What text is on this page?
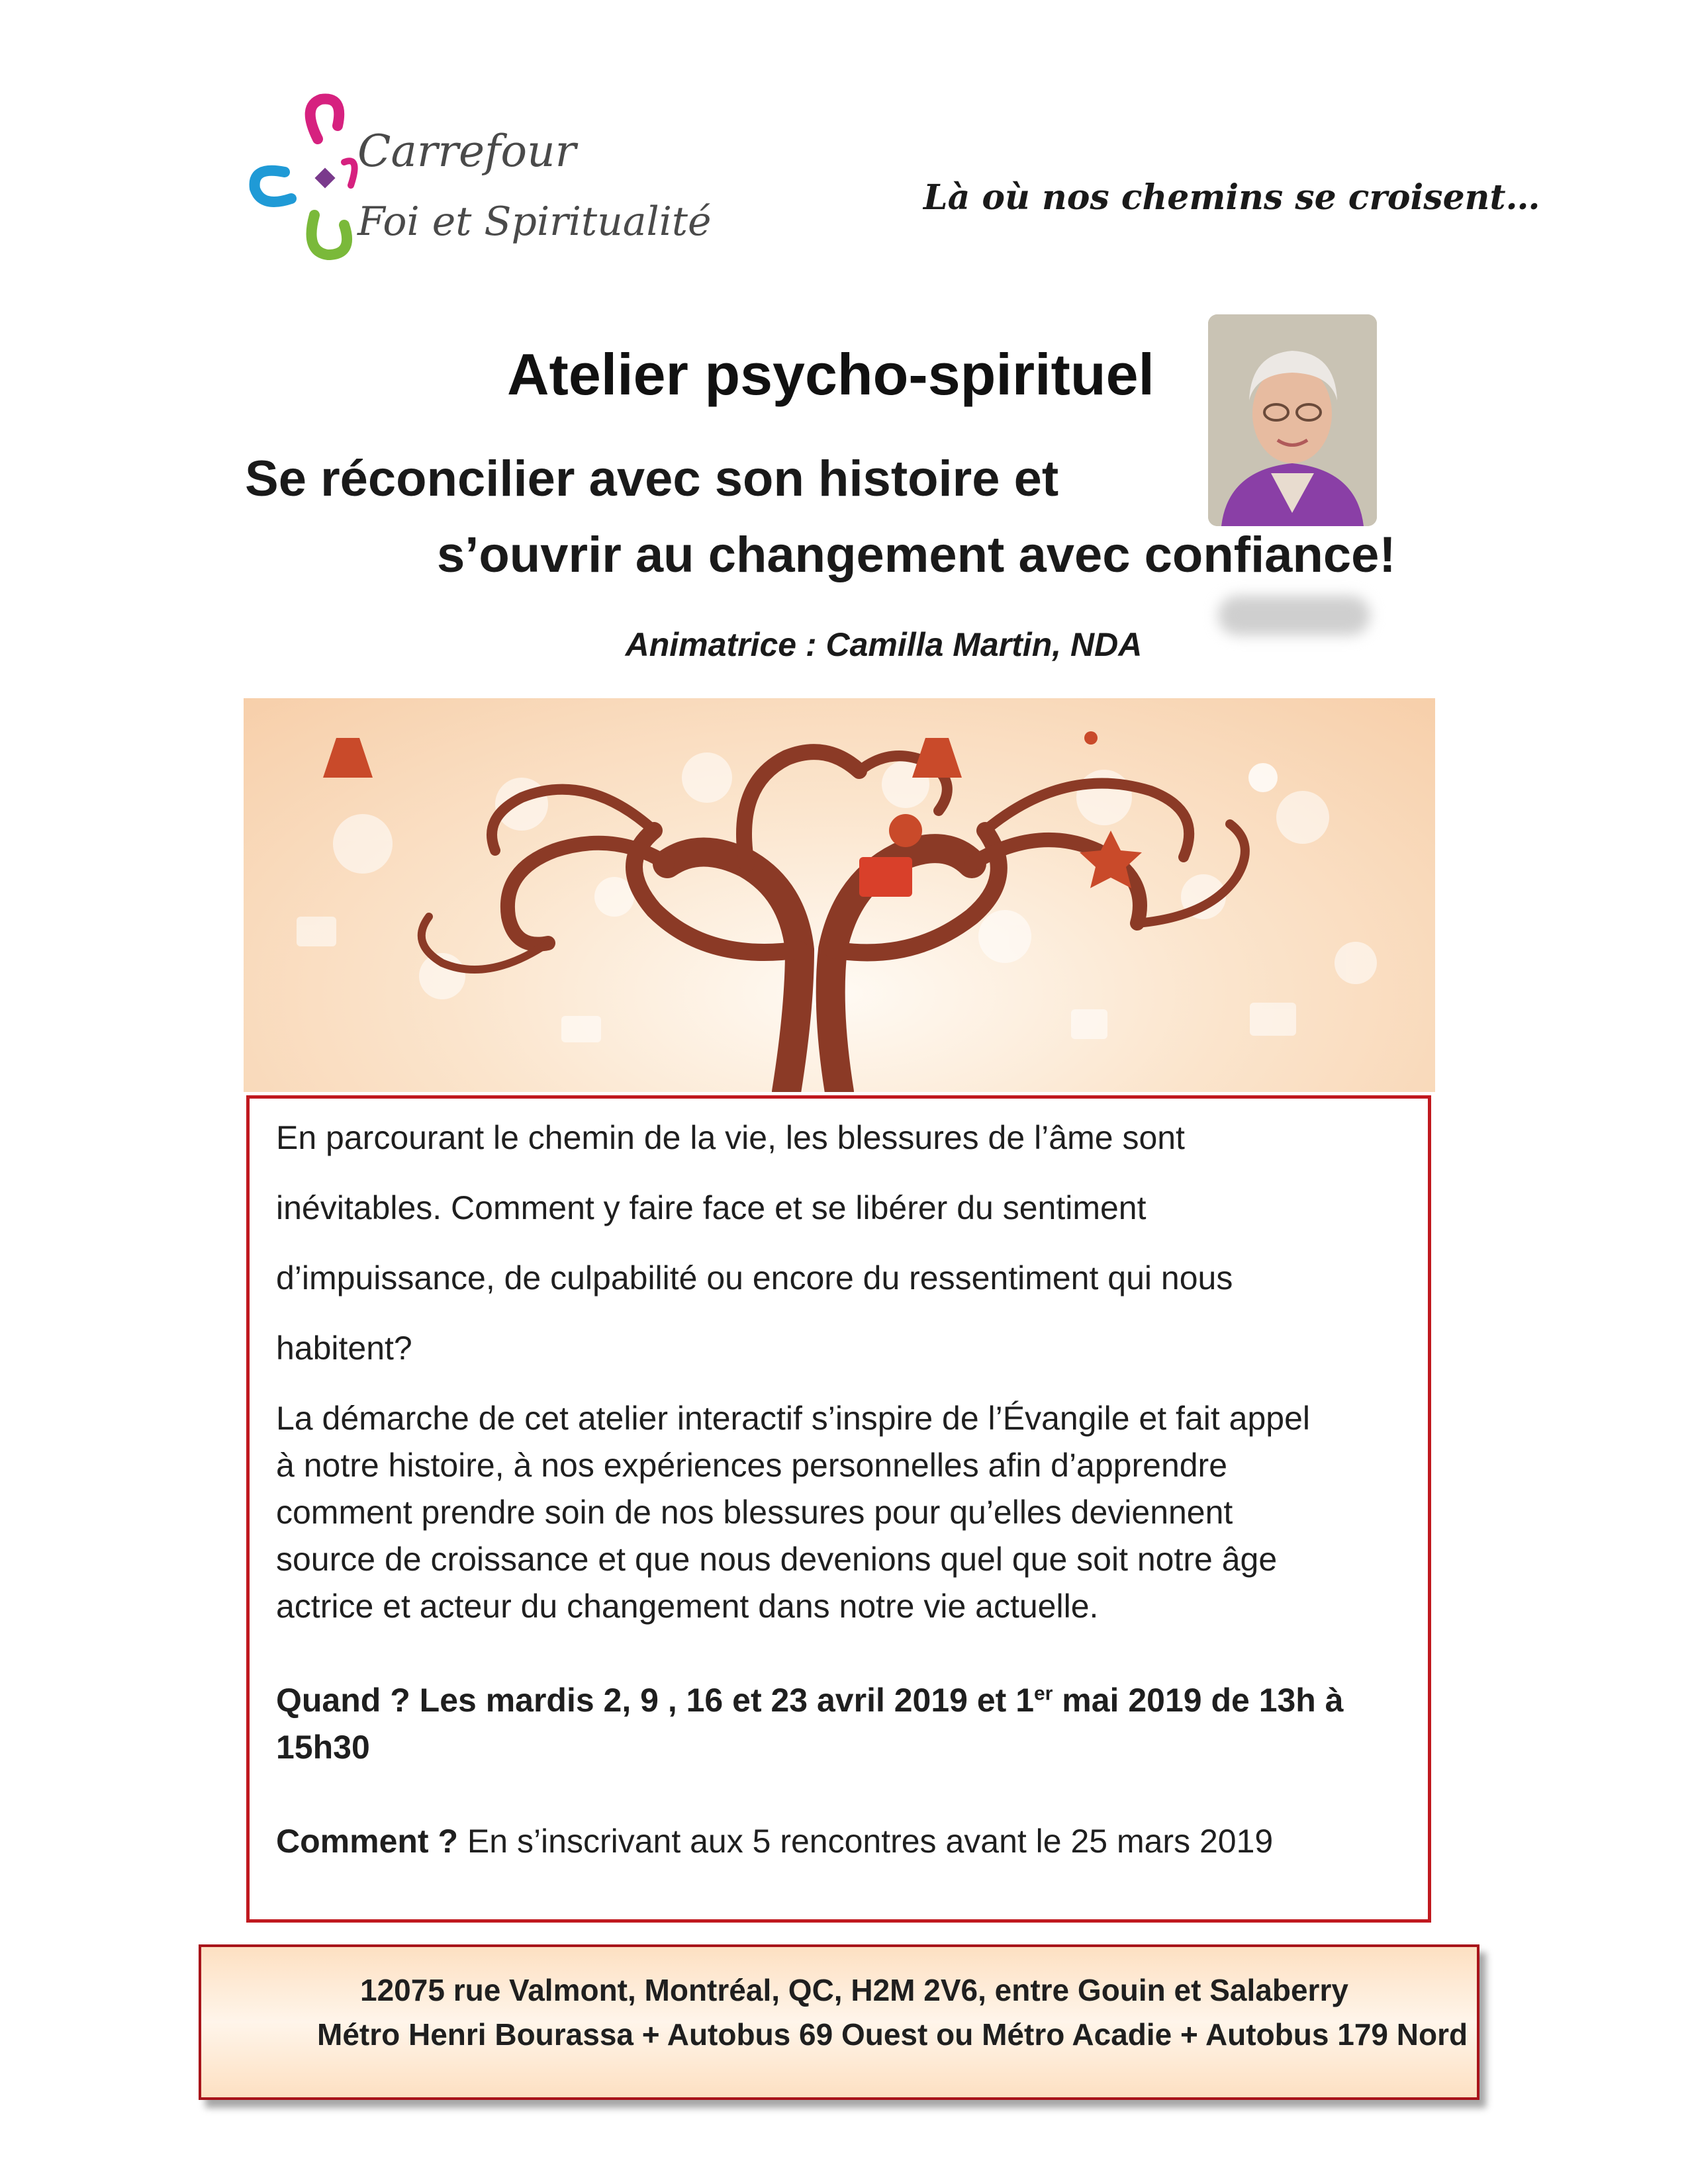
Carrefour
Foi et Spiritualité
Là où nos chemins se croisent…
Atelier psycho-spirituel
Se réconcilier avec son histoire et
s’ouvrir au changement avec confiance!
Animatrice : Camilla Martin, NDA
En parcourant le chemin de la vie, les blessures de l’âme sont
inévitables. Comment y faire face et se libérer du sentiment
d’impuissance, de culpabilité ou encore du ressentiment qui nous
habitent?
La démarche de cet atelier interactif s’inspire de l’Évangile et fait appel
à notre histoire, à nos expériences personnelles afin d’apprendre
comment prendre soin de nos blessures pour qu’elles deviennent
source de croissance et que nous devenions quel que soit notre âge
actrice et acteur du changement dans notre vie actuelle.
Quand ? Les mardis 2, 9 , 16 et 23 avril 2019 et 1er mai 2019 de 13h à
15h30
Comment ? En s’inscrivant aux 5 rencontres avant le 25 mars 2019
12075 rue Valmont, Montréal, QC, H2M 2V6, entre Gouin et Salaberry
Métro Henri Bourassa + Autobus 69 Ouest ou Métro Acadie + Autobus 179 Nord
